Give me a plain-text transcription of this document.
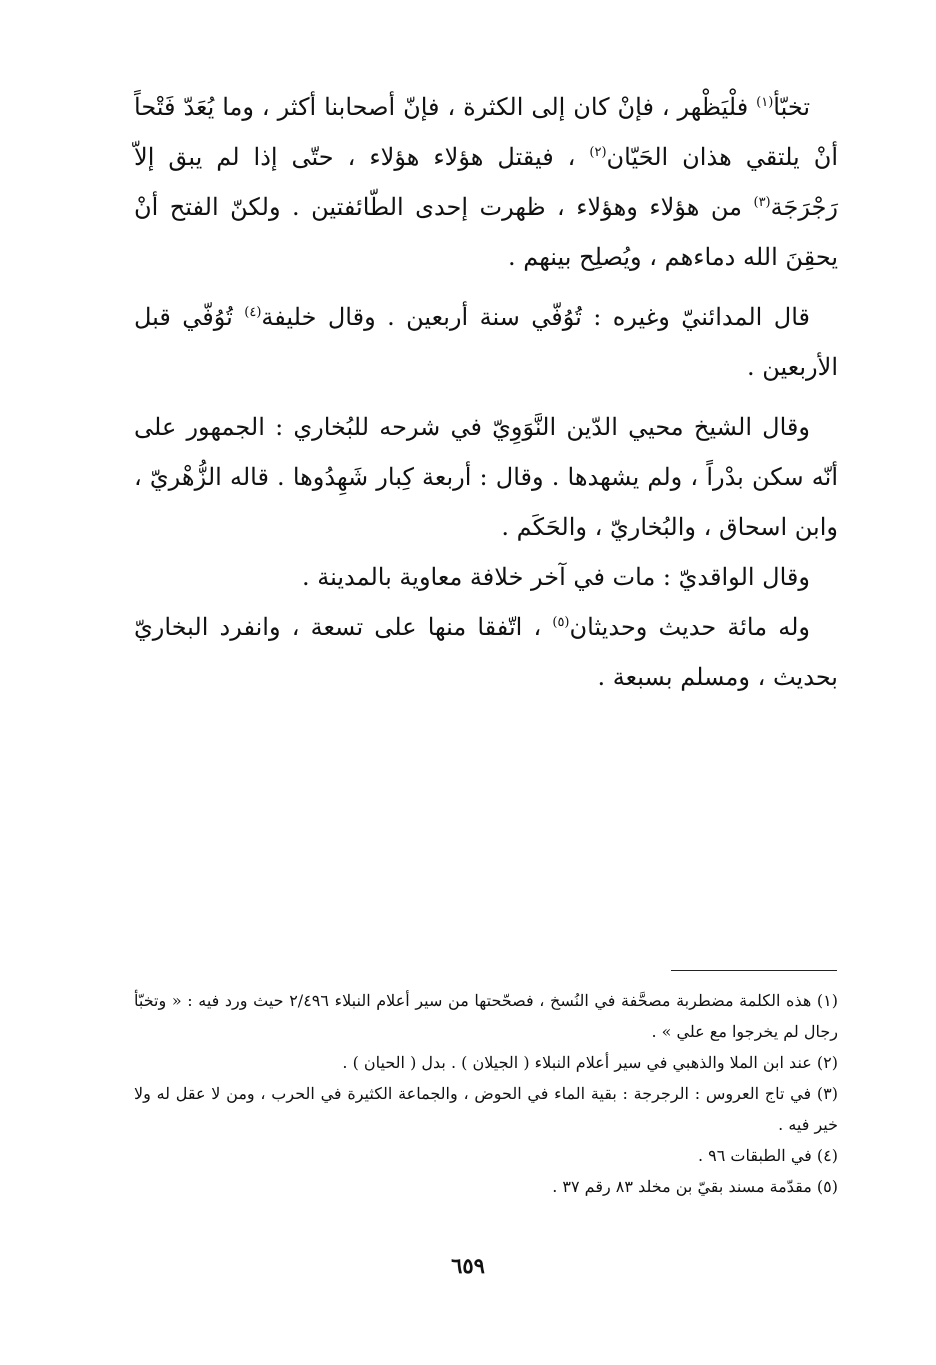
تخبّأ$^{(١)}$ فلْيَظْهر ، فإنْ كان إلى الكثرة ، فإنّ أصحابنا أكثر ، وما يُعَدّ فَتْحاً أنْ يلتقي هذان الحَيّان$^{(٢)}$ ، فيقتل هؤلاء هؤلاء ، حتّى إذا لم يبق إلاّ رَجْرَجَة$^{(٣)}$ من هؤلاء وهؤلاء ، ظهرت إحدى الطّائفتين . ولكنّ الفتح أنْ يحقِنَ الله دماءهم ، ويُصلِح بينهم .

قال المدائنيّ وغيره : تُوُفّي سنة أربعين . وقال خليفة$^{(٤)}$ تُوُفّي قبل الأربعين .

وقال الشيخ محيي الدّين النَّوَوِيّ في شرحه للبُخاري : الجمهور على أنّه سكن بدْراً ، ولم يشهدها . وقال : أربعة كِبار شَهِدُوها . قاله الزُّهْريّ ، وابن اسحاق ، والبُخاريّ ، والحَكَم .

وقال الواقديّ : مات في آخر خلافة معاوية بالمدينة .

وله مائة حديث وحديثان$^{(٥)}$ ، اتّفقا منها على تسعة ، وانفرد البخاريّ بحديث ، ومسلم بسبعة .

(١) هذه الكلمة مضطربة مصحَّفة في النُسخ ، فصحّحتها من سير أعلام النبلاء ٢/٤٩٦ حيث ورد فيه : « وتخبّأ رجال لم يخرجوا مع علي » .

(٢) عند ابن الملا والذهبي في سير أعلام النبلاء ( الجيلان ) . بدل ( الحيان ) .

(٣) في تاج العروس : الرجرجة : بقية الماء في الحوض ، والجماعة الكثيرة في الحرب ، ومن لا عقل له ولا خير فيه .

(٤) في الطبقات ٩٦ .

(٥) مقدّمة مسند بقيّ بن مخلد ٨٣ رقم ٣٧ .

٦٥٩
